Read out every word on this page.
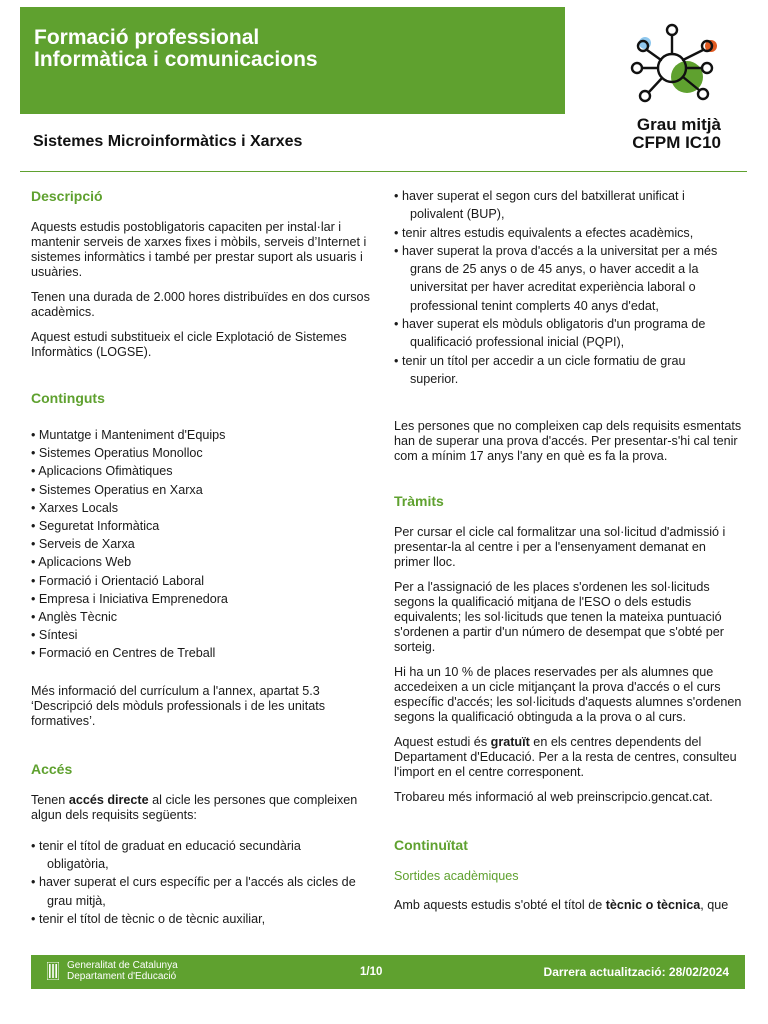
Formació professional
Informàtica i comunicacions
Grau mitjà
CFPM IC10
Sistemes Microinformàtics i Xarxes
Descripció

Aquests estudis postobligatoris capaciten per instal·lar i mantenir serveis de xarxes fixes i mòbils, serveis d’Internet i sistemes informàtics i també per prestar suport als usuaris i usuàries.

Tenen una durada de 2.000 hores distribuïdes en dos cursos acadèmics.

Aquest estudi substitueix el cicle Explotació de Sistemes Informàtics (LOGSE).

Continguts
• Muntatge i Manteniment d'Equips
• Sistemes Operatius Monolloc
• Aplicacions Ofimàtiques
• Sistemes Operatius en Xarxa
• Xarxes Locals
• Seguretat Informàtica
• Serveis de Xarxa
• Aplicacions Web
• Formació i Orientació Laboral
• Empresa i Iniciativa Emprenedora
• Anglès Tècnic
• Síntesi
• Formació en Centres de Treball

Més informació del currículum a l'annex, apartat 5.3 ‘Descripció dels mòduls professionals i de les unitats formatives’.

Accés

Tenen accés directe al cicle les persones que compleixen algun dels requisits següents:

• tenir el títol de graduat en educació secundària
obligatòria,
• haver superat el curs específic per a l'accés als cicles de
grau mitjà,
• tenir el títol de tècnic o de tècnic auxiliar,
• haver superat el segon curs del batxillerat unificat i
polivalent (BUP),
• tenir altres estudis equivalents a efectes acadèmics,
• haver superat la prova d'accés a la universitat per a més
grans de 25 anys o de 45 anys, o haver accedit a la
universitat per haver acreditat experiència laboral o
professional tenint complerts 40 anys d'edat,
• haver superat els mòduls obligatoris d'un programa de
qualificació professional inicial (PQPI),
• tenir un títol per accedir a un cicle formatiu de grau
superior.

Les persones que no compleixen cap dels requisits esmentats han de superar una prova d'accés. Per presentar-s'hi cal tenir com a mínim 17 anys l'any en què es fa la prova.

Tràmits

Per cursar el cicle cal formalitzar una sol·licitud d'admissió i presentar-la al centre i per a l'ensenyament demanat en primer lloc.

Per a l'assignació de les places s'ordenen les sol·licituds segons la qualificació mitjana de l'ESO o dels estudis equivalents; les sol·licituds que tenen la mateixa puntuació s'ordenen a partir d'un número de desempat que s'obté per sorteig.

Hi ha un 10 % de places reservades per als alumnes que accedeixen a un cicle mitjançant la prova d'accés o el curs específic d'accés; les sol·licituds d'aquests alumnes s'ordenen segons la qualificació obtinguda a la prova o al curs.

Aquest estudi és gratuït en els centres dependents del Departament d'Educació. Per a la resta de centres, consulteu l'import en el centre corresponent.

Trobareu més informació al web preinscripcio.gencat.cat.

Continuïtat
Sortides acadèmiques

Amb aquests estudis s'obté el títol de tècnic o tècnica, que

Generalitat de Catalunya
Departament d'Educació	1/10	Darrera actualització: 28/02/2024
